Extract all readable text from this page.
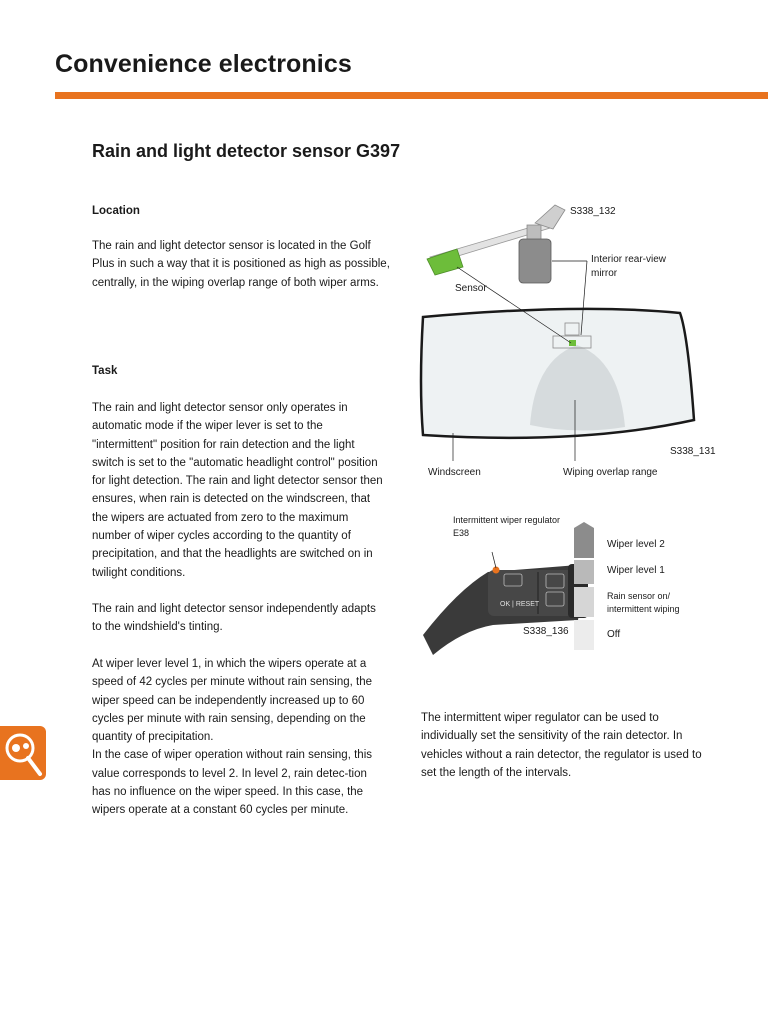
Convenience electronics
Rain and light detector sensor G397
Location
The rain and light detector sensor is located in the Golf Plus in such a way that it is positioned as high as possible, centrally, in the wiping overlap range of both wiper arms.
Task
The rain and light detector sensor only operates in automatic mode if the wiper lever is set to the "intermittent" position for rain detection and the light switch is set to the "automatic headlight control" position for light detection. The rain and light detector sensor then ensures, when rain is detected on the windscreen, that the wipers are actuated from zero to the maximum number of wiper cycles according to the quantity of precipitation, and that the headlights are switched on in twilight conditions.
The rain and light detector sensor independently adapts to the windshield's tinting.
At wiper lever level 1, in which the wipers operate at a speed of 42 cycles per minute without rain sensing, the wiper speed can be independently increased up to 60 cycles per minute with rain sensing, depending on the quantity of precipitation.
In the case of wiper operation without rain sensing, this value corresponds to level 2. In level 2, rain detec-tion has no influence on the wiper speed. In this case, the wipers operate at a constant 60 cycles per minute.
S338_132
Interior rear-view mirror
Sensor
S338_131
Windscreen	Wiping overlap range
OK | RESET
Intermittent wiper regulator E38
S338_136
Wiper level 2
Wiper level 1
Rain sensor on/ intermittent wiping
Off
The intermittent wiper regulator can be used to individually set the sensitivity of the rain detector. In vehicles without a rain detector, the regulator is used to set the length of the intervals.
